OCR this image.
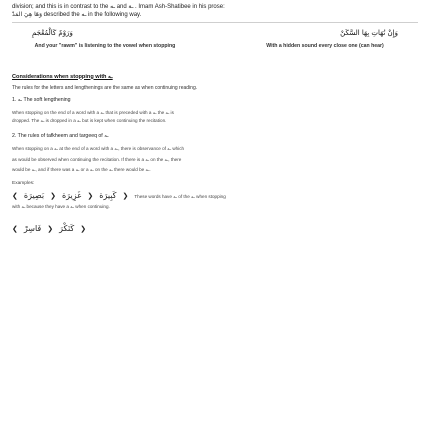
division; and this is in contrast to the ـه and ـة . Imam Ash-Shatibee in his prose:
وَهَا هِيَ الْمَدُّ described the ـه in the following way.
وَرَوْمٌ كَالْمُعْجَمِ	وَإِنْ تُهَاتِ بِهَا السَّكَنْ
And your "rawm" is listening to the vowel when stopping	With a hidden sound every close one (can hear)
Considerations when stopping with ـه
The rules for the letters and lengthenings are the same as when continuing reading.
1. ـه The soft lengthening
When stopping on the end of a word with a ـه that is preceded with a ـه the ـه is
dropped. The ـه is dropped in a ـه but is kept when continuing the recitation.
2. The rules of tafkheem and targeeq of ـه
When stopping on a ـه at the end of a word with a ـه, there is observance of ـه which
as would be observed when continuing the recitation. If there is a ـه on the ـه, there
would be ـه, and if there was a ـه or a ـه on the ـه there would be ـه.
Examples:
❮ بَصِيرَة ❯ غَزِيرَة ❯ كَبِيرَة ❯ These words have ـه of the ـه when stopping
with ـه because they have a ـه when continuing.
❮ فَاسِرْ ❯ كَنَكْرَ ❯
